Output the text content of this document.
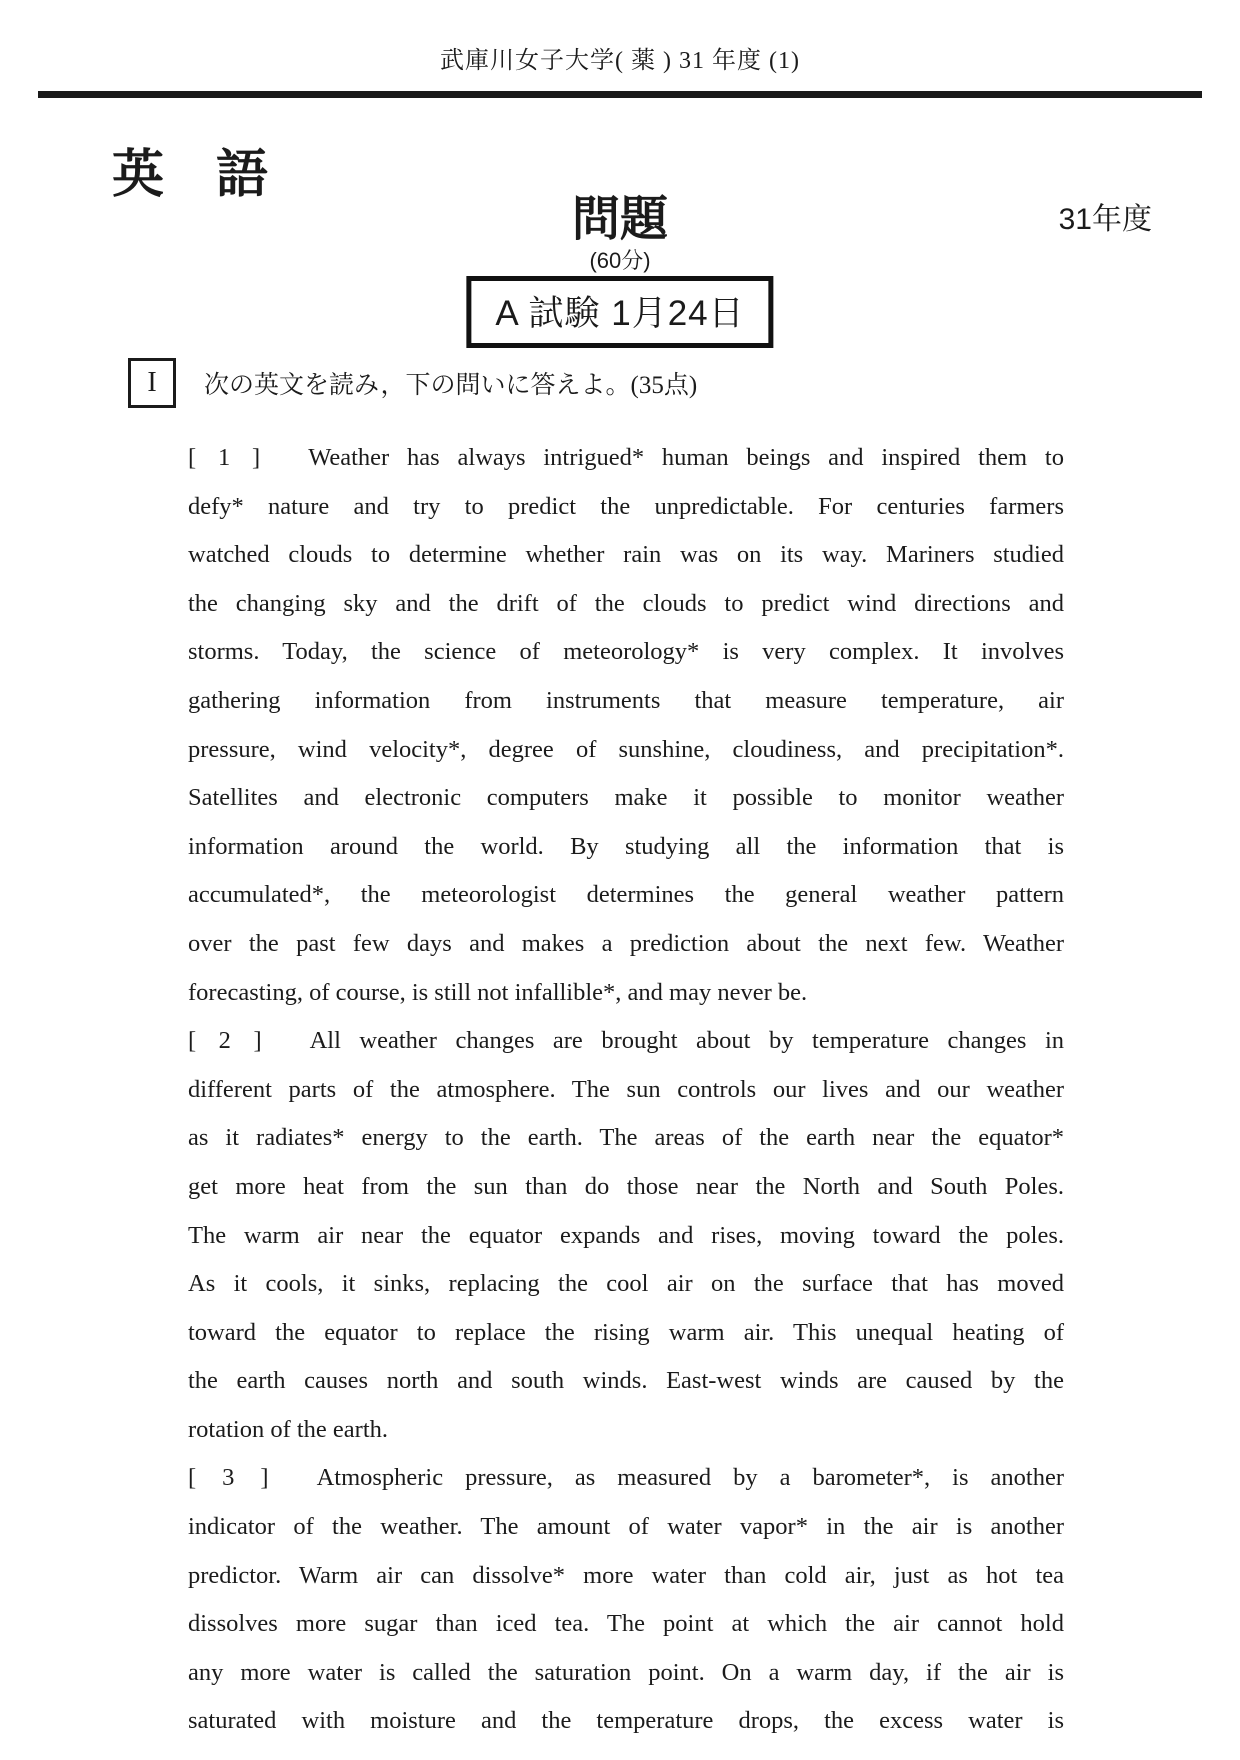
武庫川女子大学( 薬 ) 31 年度 (1)
英　語
問題
(60分)
31年度
A 試験 1月24日
I	次の英文を読み，下の問いに答えよ。(35点)
[ 1 ] Weather has always intrigued* human beings and inspired them to
defy* nature and try to predict the unpredictable. For centuries farmers
watched clouds to determine whether rain was on its way. Mariners studied
the changing sky and the drift of the clouds to predict wind directions and
storms. Today, the science of meteorology* is very complex. It involves
gathering information from instruments that measure temperature, air
pressure, wind velocity*, degree of sunshine, cloudiness, and precipitation*.
Satellites and electronic computers make it possible to monitor weather
information around the world. By studying all the information that is
accumulated*, the meteorologist determines the general weather pattern
over the past few days and makes a prediction about the next few. Weather
forecasting, of course, is still not infallible*, and may never be.
[ 2 ] All weather changes are brought about by temperature changes in
different parts of the atmosphere. The sun controls our lives and our weather
as it radiates* energy to the earth. The areas of the earth near the equator*
get more heat from the sun than do those near the North and South Poles.
The warm air near the equator expands and rises, moving toward the poles.
As it cools, it sinks, replacing the cool air on the surface that has moved
toward the equator to replace the rising warm air. This unequal heating of
the earth causes north and south winds. East-west winds are caused by the
rotation of the earth.
[ 3 ] Atmospheric pressure, as measured by a barometer*, is another
indicator of the weather. The amount of water vapor* in the air is another
predictor. Warm air can dissolve* more water than cold air, just as hot tea
dissolves more sugar than iced tea. The point at which the air cannot hold
any more water is called the saturation point. On a warm day, if the air is
saturated with moisture and the temperature drops, the excess water is
